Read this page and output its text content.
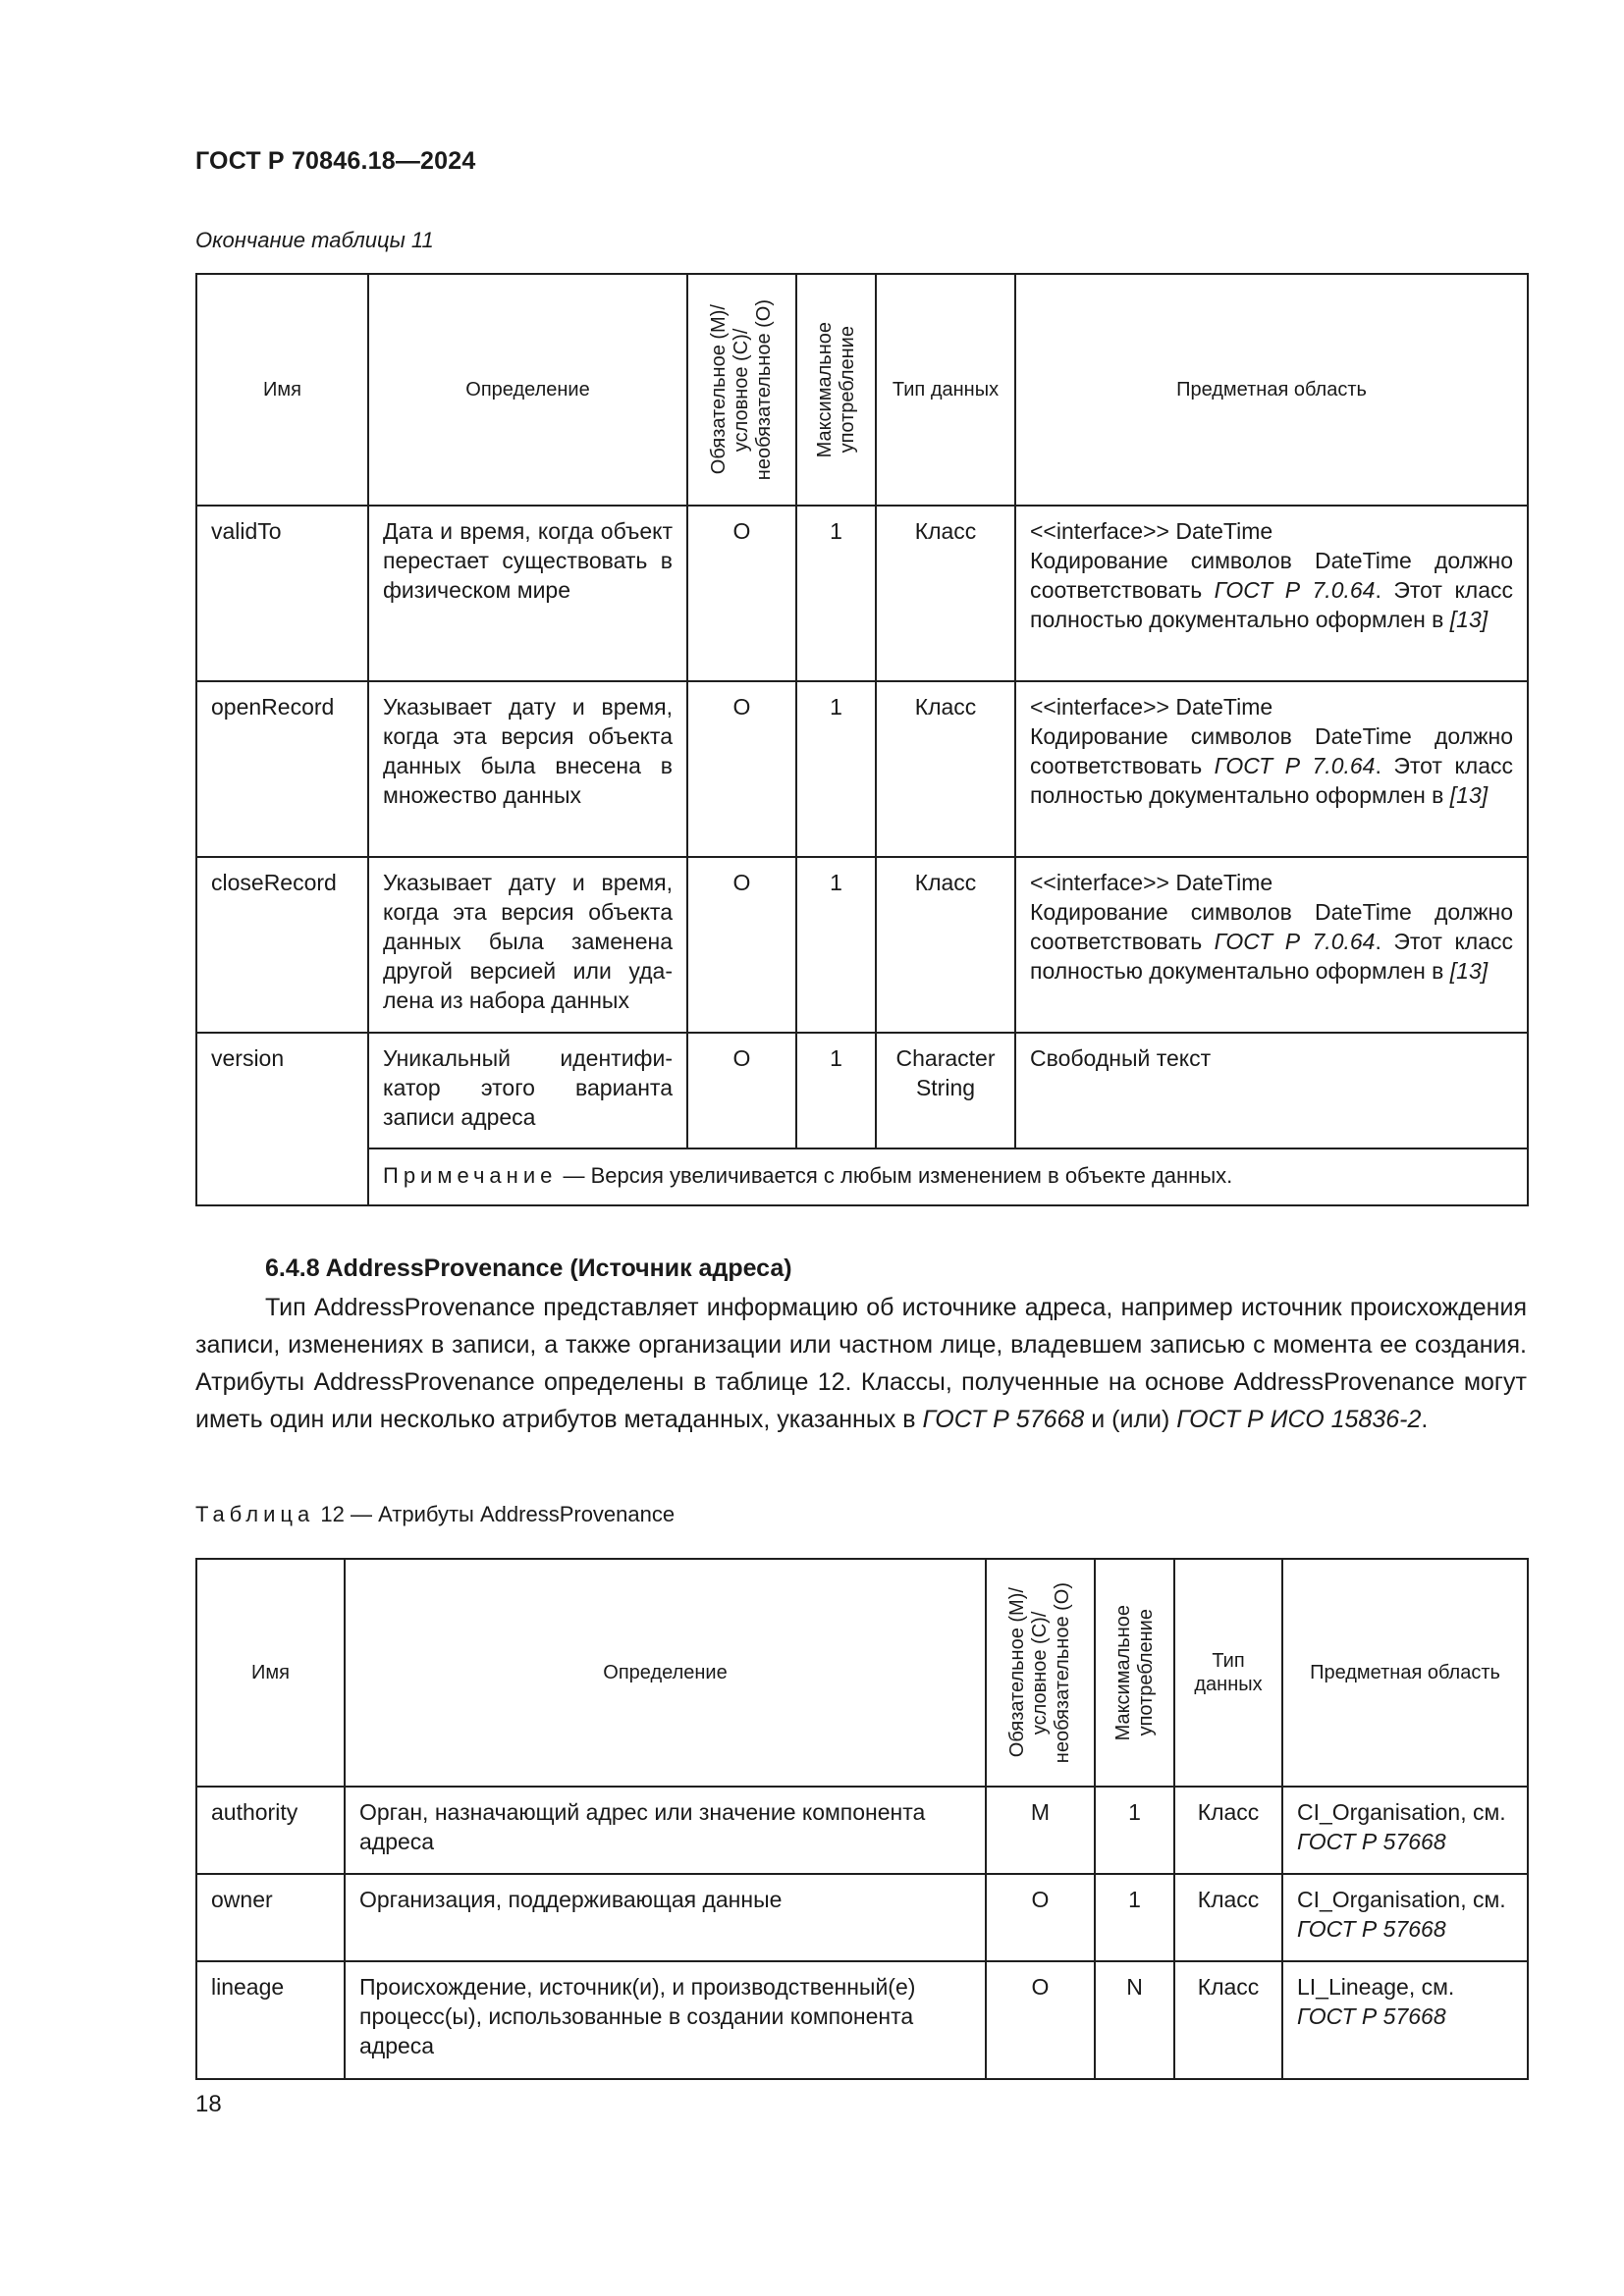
ГОСТ Р 70846.18—2024
Окончание таблицы 11
Имя	Определение	Обязательное (M)/
условное (С)/
необязательное (О)	Максимальное
употребление	Тип данных	Предметная область
validTo	Дата и время, когда объект перестает существовать в физическом мире	О	1	Класс	<<interface>> DateTime
Кодирование символов DateTime должно соответствовать ГОСТ Р 7.0.64. Этот класс полностью документально оформлен в [13]
openRecord	Указывает дату и время, когда эта версия объекта данных была внесена в множество данных	О	1	Класс	<<interface>> DateTime
Кодирование символов DateTime должно соответствовать ГОСТ Р 7.0.64. Этот класс полностью документально оформлен в [13]
closeRecord	Указывает дату и время, когда эта версия объекта данных была заменена другой версией или удалена из набора данных	О	1	Класс	<<interface>> DateTime
Кодирование символов DateTime должно соответствовать ГОСТ Р 7.0.64. Этот класс полностью документально оформлен в [13]
version	Уникальный идентификатор этого варианта записи адреса	О	1	Character String	Свободный текст
	Примечание — Версия увеличивается с любым изменением в объекте данных.				
6.4.8 AddressProvenance (Источник адреса)
Тип AddressProvenance представляет информацию об источнике адреса, например источник происхождения записи, изменениях в записи, а также организации или частном лице, владевшем записью с момента ее создания. Атрибуты AddressProvenance определены в таблице 12. Классы, полученные на основе AddressProvenance могут иметь один или несколько атрибутов метаданных, указанных в ГОСТ Р 57668 и (или) ГОСТ Р ИСО 15836-2.
Таблица 12 — Атрибуты AddressProvenance
Имя	Определение	Обязательное (M)/
условное (С)/
необязательное (О)	Максимальное
употребление	Тип данных	Предметная область
authority	Орган, назначающий адрес или значение компонента адреса	M	1	Класс	CI_Organisation, см. ГОСТ Р 57668
owner	Организация, поддерживающая данные	О	1	Класс	CI_Organisation, см. ГОСТ Р 57668
lineage	Происхождение, источник(и), и производственный(е) процесс(ы), использованные в создании компонента адреса	О	N	Класс	LI_Lineage, см. ГОСТ Р 57668
18
